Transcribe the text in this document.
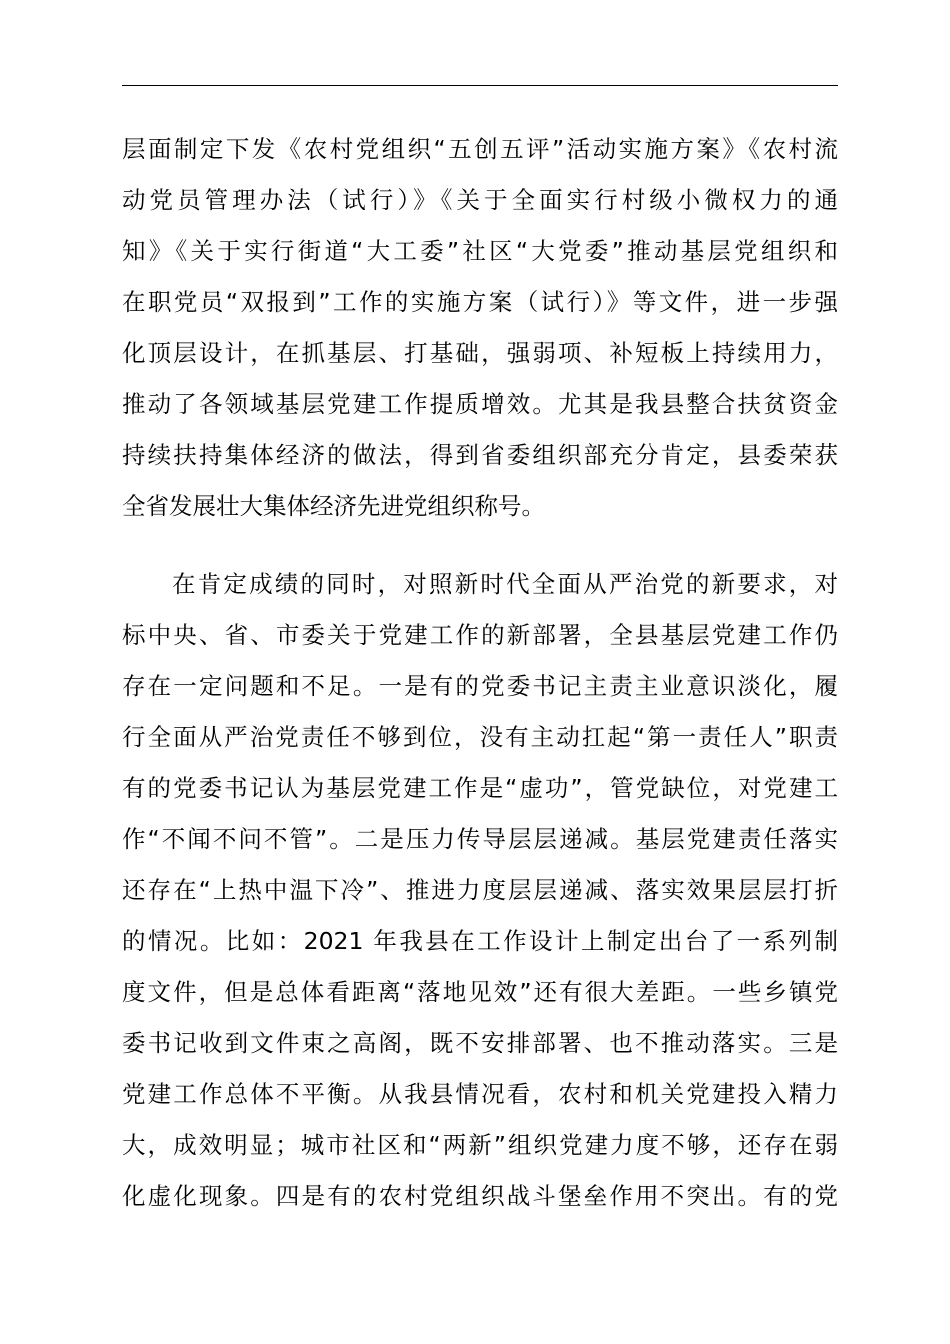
层面制定下发《农村党组织“五创五评”活动实施方案》《农村流
动党员管理办法（试行）》《关于全面实行村级小微权力的通
知》《关于实行街道“大工委”社区“大党委”推动基层党组织和
在职党员“双报到”工作的实施方案（试行）》等文件，进一步强
化顶层设计，在抓基层、打基础，强弱项、补短板上持续用力，
推动了各领域基层党建工作提质增效。尤其是我县整合扶贫资金
持续扶持集体经济的做法，得到省委组织部充分肯定，县委荣获
全省发展壮大集体经济先进党组织称号。
在肯定成绩的同时，对照新时代全面从严治党的新要求，对
标中央、省、市委关于党建工作的新部署，全县基层党建工作仍
存在一定问题和不足。一是有的党委书记主责主业意识淡化，履
行全面从严治党责任不够到位，没有主动扛起“第一责任人”职责
有的党委书记认为基层党建工作是“虚功”，管党缺位，对党建工
作“不闻不问不管”。二是压力传导层层递减。基层党建责任落实
还存在“上热中温下冷”、推进力度层层递减、落实效果层层打折
的情况。比如：2021 年我县在工作设计上制定出台了一系列制
度文件，但是总体看距离“落地见效”还有很大差距。一些乡镇党
委书记收到文件束之高阁，既不安排部署、也不推动落实。三是
党建工作总体不平衡。从我县情况看，农村和机关党建投入精力
大，成效明显；城市社区和“两新”组织党建力度不够，还存在弱
化虚化现象。四是有的农村党组织战斗堡垒作用不突出。有的党
